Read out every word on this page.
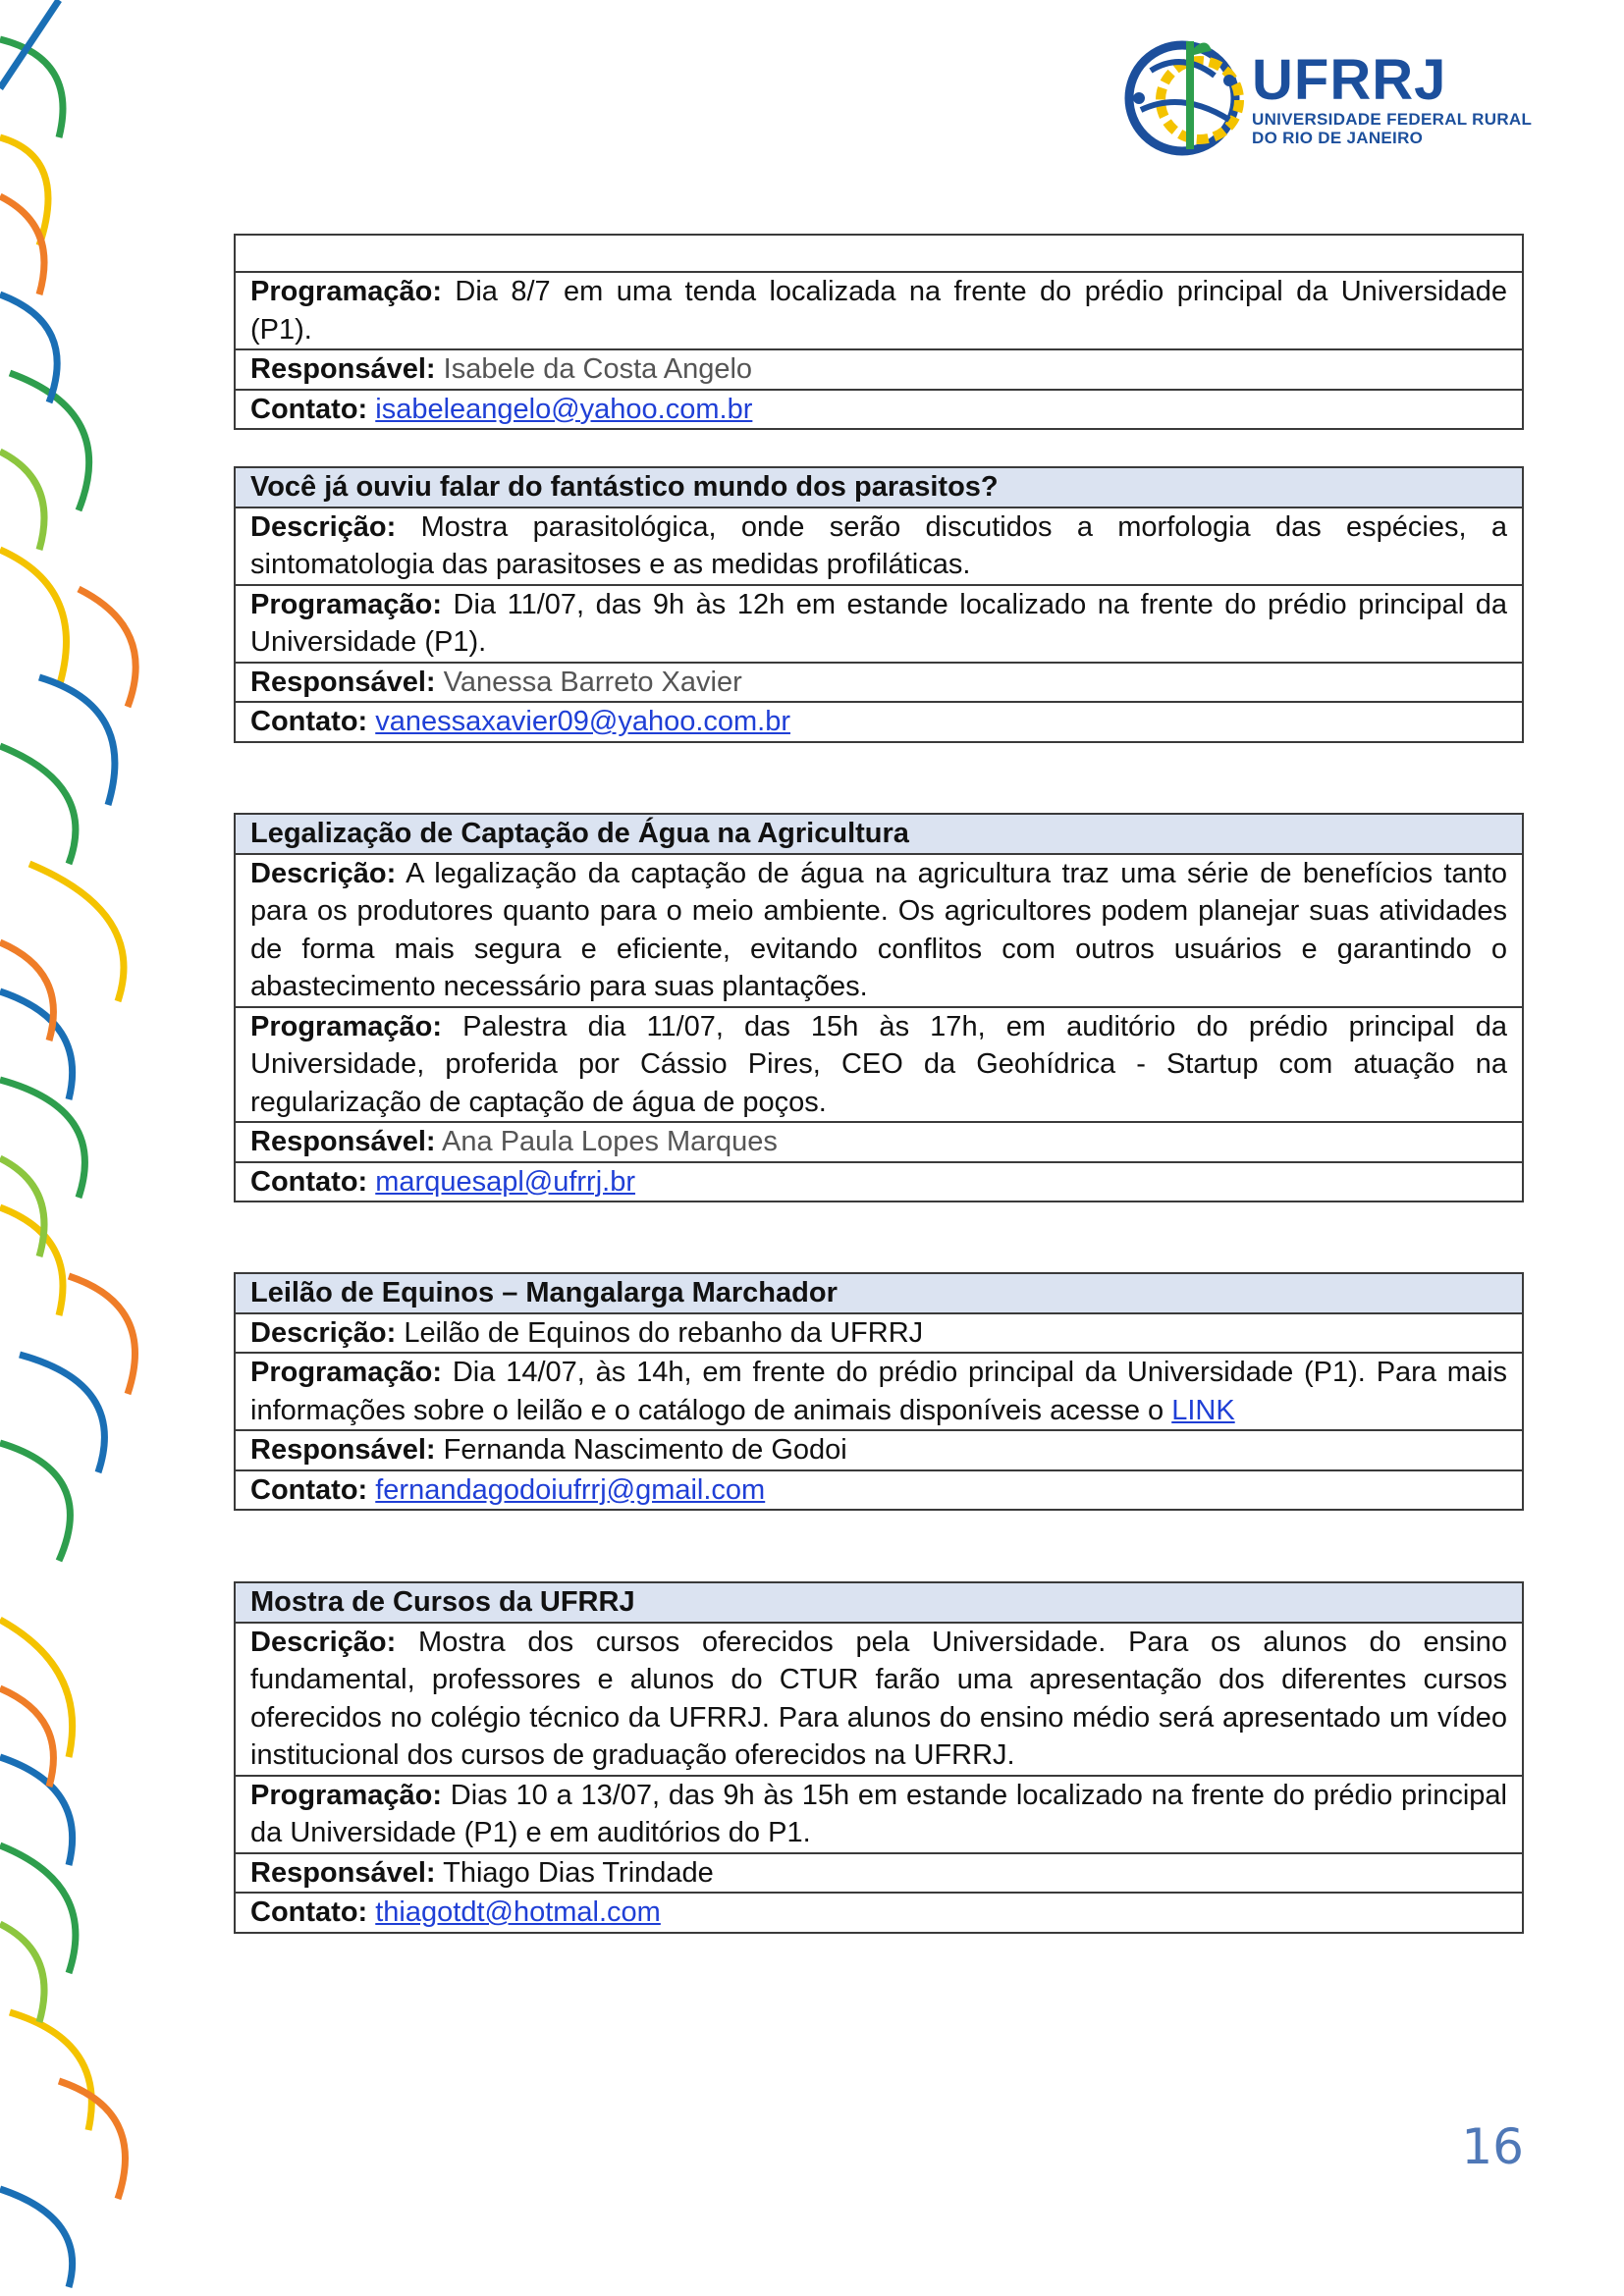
UFRRJ
UNIVERSIDADE FEDERAL RURAL
DO RIO DE JANEIRO

Programação: Dia 8/7 em uma tenda localizada na frente do prédio principal da Universidade (P1).
Responsável: Isabele da Costa Angelo
Contato: isabeleangelo@yahoo.com.br
Você já ouviu falar do fantástico mundo dos parasitos?
Descrição: Mostra parasitológica, onde serão discutidos a morfologia das espécies, a sintomatologia das parasitoses e as medidas profiláticas.
Programação: Dia 11/07, das 9h às 12h em estande localizado na frente do prédio principal da Universidade (P1).
Responsável: Vanessa Barreto Xavier
Contato: vanessaxavier09@yahoo.com.br
Legalização de Captação de Água na Agricultura
Descrição: A legalização da captação de água na agricultura traz uma série de benefícios tanto para os produtores quanto para o meio ambiente. Os agricultores podem planejar suas atividades de forma mais segura e eficiente, evitando conflitos com outros usuários e garantindo o abastecimento necessário para suas plantações.
Programação: Palestra dia 11/07, das 15h às 17h, em auditório do prédio principal da Universidade, proferida por Cássio Pires, CEO da Geohídrica - Startup com atuação na regularização de captação de água de poços.
Responsável: Ana Paula Lopes Marques
Contato: marquesapl@ufrrj.br
Leilão de Equinos – Mangalarga Marchador
Descrição: Leilão de Equinos do rebanho da UFRRJ
Programação: Dia 14/07, às 14h, em frente do prédio principal da Universidade (P1). Para mais informações sobre o leilão e o catálogo de animais disponíveis acesse o LINK
Responsável: Fernanda Nascimento de Godoi
Contato: fernandagodoiufrrj@gmail.com
Mostra de Cursos da UFRRJ
Descrição: Mostra dos cursos oferecidos pela Universidade. Para os alunos do ensino fundamental, professores e alunos do CTUR farão uma apresentação dos diferentes cursos oferecidos no colégio técnico da UFRRJ. Para alunos do ensino médio será apresentado um vídeo institucional dos cursos de graduação oferecidos na UFRRJ.
Programação: Dias 10 a 13/07, das 9h às 15h em estande localizado na frente do prédio principal da Universidade (P1) e em auditórios do P1.
Responsável: Thiago Dias Trindade
Contato: thiagotdt@hotmal.com
16
